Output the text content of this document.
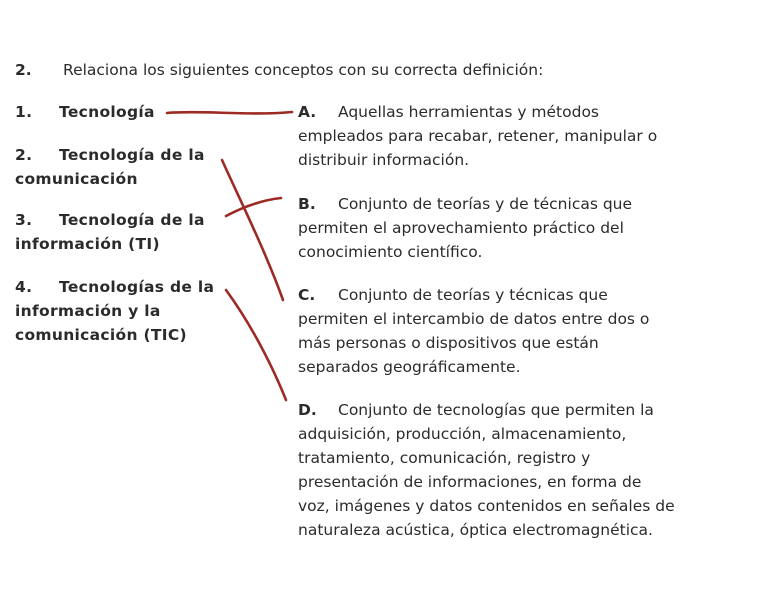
2. Relaciona los siguientes conceptos con su correcta definición:
1. Tecnología
2. Tecnología de la comunicación
3. Tecnología de la información (TI)
4. Tecnologías de la información y la comunicación (TIC)
A. Aquellas herramientas y métodos empleados para recabar, retener, manipular o distribuir información.
B. Conjunto de teorías y de técnicas que permiten el aprovechamiento práctico del conocimiento científico.
C. Conjunto de teorías y técnicas que permiten el intercambio de datos entre dos o más personas o dispositivos que están separados geográficamente.
D. Conjunto de tecnologías que permiten la adquisición, producción, almacenamiento, tratamiento, comunicación, registro y presentación de informaciones, en forma de voz, imágenes y datos contenidos en señales de naturaleza acústica, óptica electromagnética.
